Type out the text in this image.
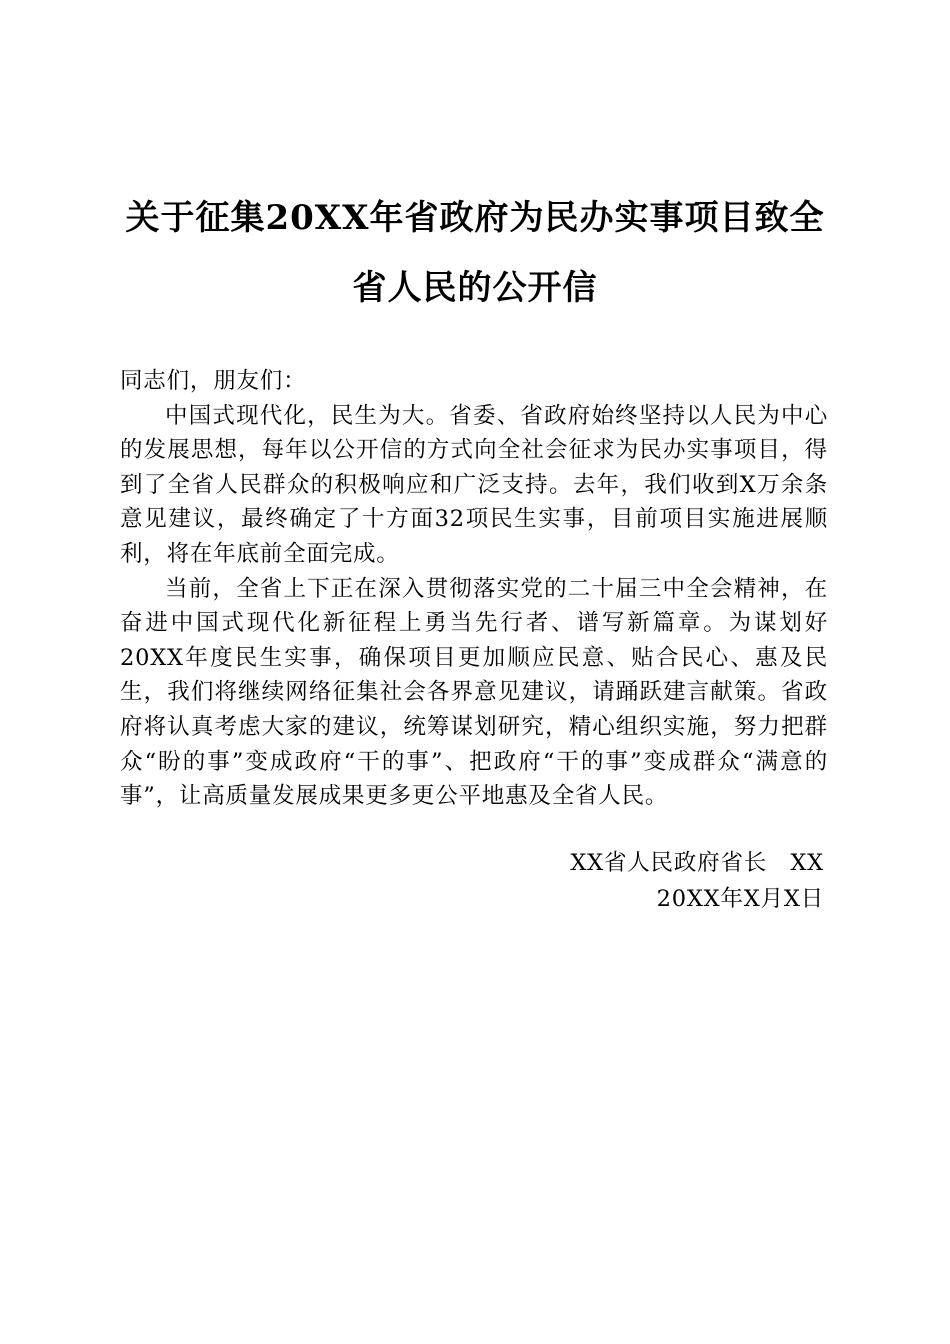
关于征集20XX年省政府为民办实事项目致全
省人民的公开信

同志们，朋友们：

中国式现代化，民生为大。省委、省政府始终坚持以人民为中心的发展思想，每年以公开信的方式向全社会征求为民办实事项目，得到了全省人民群众的积极响应和广泛支持。去年，我们收到X万余条意见建议，最终确定了十方面32项民生实事，目前项目实施进展顺利，将在年底前全面完成。

当前，全省上下正在深入贯彻落实党的二十届三中全会精神，在奋进中国式现代化新征程上勇当先行者、谱写新篇章。为谋划好20XX年度民生实事，确保项目更加顺应民意、贴合民心、惠及民生，我们将继续网络征集社会各界意见建议，请踊跃建言献策。省政府将认真考虑大家的建议，统筹谋划研究，精心组织实施，努力把群众“盼的事”变成政府“干的事”、把政府“干的事”变成群众“满意的事”，让高质量发展成果更多更公平地惠及全省人民。

XX省人民政府省长　XX
20XX年X月X日
